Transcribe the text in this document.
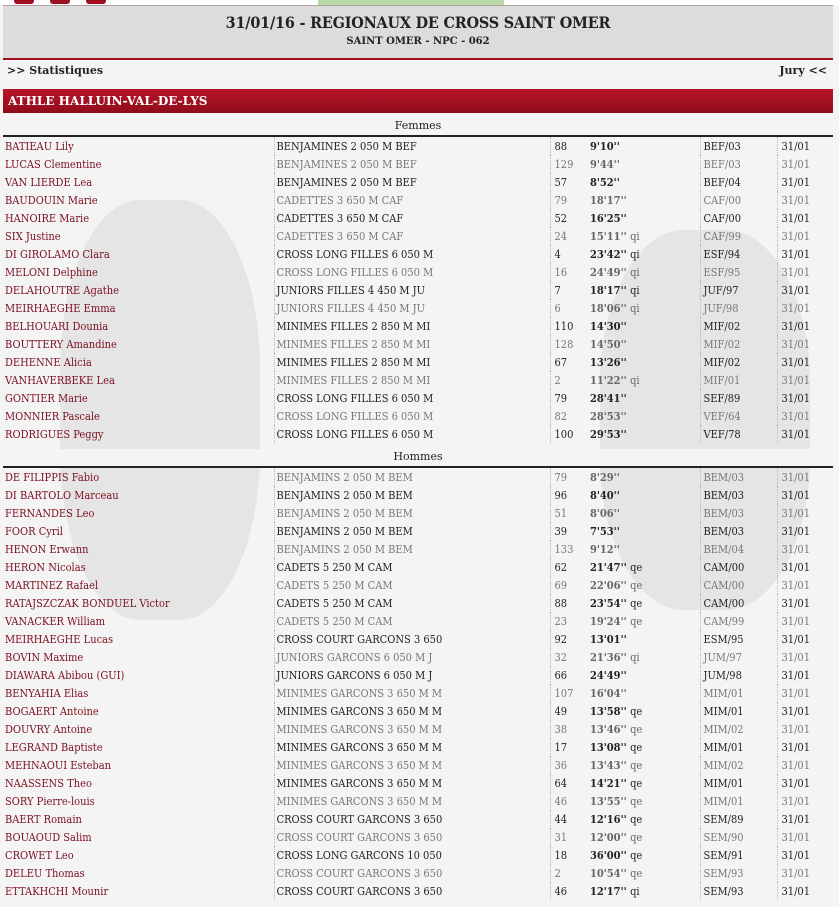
31/01/16 - REGIONAUX DE CROSS SAINT OMER
SAINT OMER - NPC - 062
>> Statistiques	Jury <<
ATHLE HALLUIN-VAL-DE-LYS
Femmes
BATIEAU Lily	BENJAMINES 2 050 M BEF	88	9'10''	BEF/03	31/01
LUCAS Clementine	BENJAMINES 2 050 M BEF	129	9'44''	BEF/03	31/01
VAN LIERDE Lea	BENJAMINES 2 050 M BEF	57	8'52''	BEF/04	31/01
BAUDOUIN Marie	CADETTES 3 650 M CAF	79	18'17''	CAF/00	31/01
HANOIRE Marie	CADETTES 3 650 M CAF	52	16'25''	CAF/00	31/01
SIX Justine	CADETTES 3 650 M CAF	24	15'11'' qi	CAF/99	31/01
DI GIROLAMO Clara	CROSS LONG FILLES 6 050 M	4	23'42'' qi	ESF/94	31/01
MELONI Delphine	CROSS LONG FILLES 6 050 M	16	24'49'' qi	ESF/95	31/01
DELAHOUTRE Agathe	JUNIORS FILLES 4 450 M JU	7	18'17'' qi	JUF/97	31/01
MEIRHAEGHE Emma	JUNIORS FILLES 4 450 M JU	6	18'06'' qi	JUF/98	31/01
BELHOUARI Dounia	MINIMES FILLES 2 850 M MI	110	14'30''	MIF/02	31/01
BOUTTERY Amandine	MINIMES FILLES 2 850 M MI	128	14'50''	MIF/02	31/01
DEHENNE Alicia	MINIMES FILLES 2 850 M MI	67	13'26''	MIF/02	31/01
VANHAVERBEKE Lea	MINIMES FILLES 2 850 M MI	2	11'22'' qi	MIF/01	31/01
GONTIER Marie	CROSS LONG FILLES 6 050 M	79	28'41''	SEF/89	31/01
MONNIER Pascale	CROSS LONG FILLES 6 050 M	82	28'53''	VEF/64	31/01
RODRIGUES Peggy	CROSS LONG FILLES 6 050 M	100	29'53''	VEF/78	31/01
Hommes
DE FILIPPIS Fabio	BENJAMINS 2 050 M BEM	79	8'29''	BEM/03	31/01
DI BARTOLO Marceau	BENJAMINS 2 050 M BEM	96	8'40''	BEM/03	31/01
FERNANDES Leo	BENJAMINS 2 050 M BEM	51	8'06''	BEM/03	31/01
FOOR Cyril	BENJAMINS 2 050 M BEM	39	7'53''	BEM/03	31/01
HENON Erwann	BENJAMINS 2 050 M BEM	133	9'12''	BEM/04	31/01
HERON Nicolas	CADETS 5 250 M CAM	62	21'47'' qe	CAM/00	31/01
MARTINEZ Rafael	CADETS 5 250 M CAM	69	22'06'' qe	CAM/00	31/01
RATAJSZCZAK BONDUEL Victor	CADETS 5 250 M CAM	88	23'54'' qe	CAM/00	31/01
VANACKER William	CADETS 5 250 M CAM	23	19'24'' qe	CAM/99	31/01
MEIRHAEGHE Lucas	CROSS COURT GARCONS 3 650	92	13'01''	ESM/95	31/01
BOVIN Maxime	JUNIORS GARCONS 6 050 M J	32	21'36'' qi	JUM/97	31/01
DIAWARA Abibou (GUI)	JUNIORS GARCONS 6 050 M J	66	24'49''	JUM/98	31/01
BENYAHIA Elias	MINIMES GARCONS 3 650 M M	107	16'04''	MIM/01	31/01
BOGAERT Antoine	MINIMES GARCONS 3 650 M M	49	13'58'' qe	MIM/01	31/01
DOUVRY Antoine	MINIMES GARCONS 3 650 M M	38	13'46'' qe	MIM/02	31/01
LEGRAND Baptiste	MINIMES GARCONS 3 650 M M	17	13'08'' qe	MIM/01	31/01
MEHNAOUI Esteban	MINIMES GARCONS 3 650 M M	36	13'43'' qe	MIM/02	31/01
NAASSENS Theo	MINIMES GARCONS 3 650 M M	64	14'21'' qe	MIM/01	31/01
SORY Pierre-louis	MINIMES GARCONS 3 650 M M	46	13'55'' qe	MIM/01	31/01
BAERT Romain	CROSS COURT GARCONS 3 650	44	12'16'' qe	SEM/89	31/01
BOUAOUD Salim	CROSS COURT GARCONS 3 650	31	12'00'' qe	SEM/90	31/01
CROWET Leo	CROSS LONG GARCONS 10 050	18	36'00'' qe	SEM/91	31/01
DELEU Thomas	CROSS COURT GARCONS 3 650	2	10'54'' qe	SEM/93	31/01
ETTAKHCHI Mounir	CROSS COURT GARCONS 3 650	46	12'17'' qi	SEM/93	31/01
